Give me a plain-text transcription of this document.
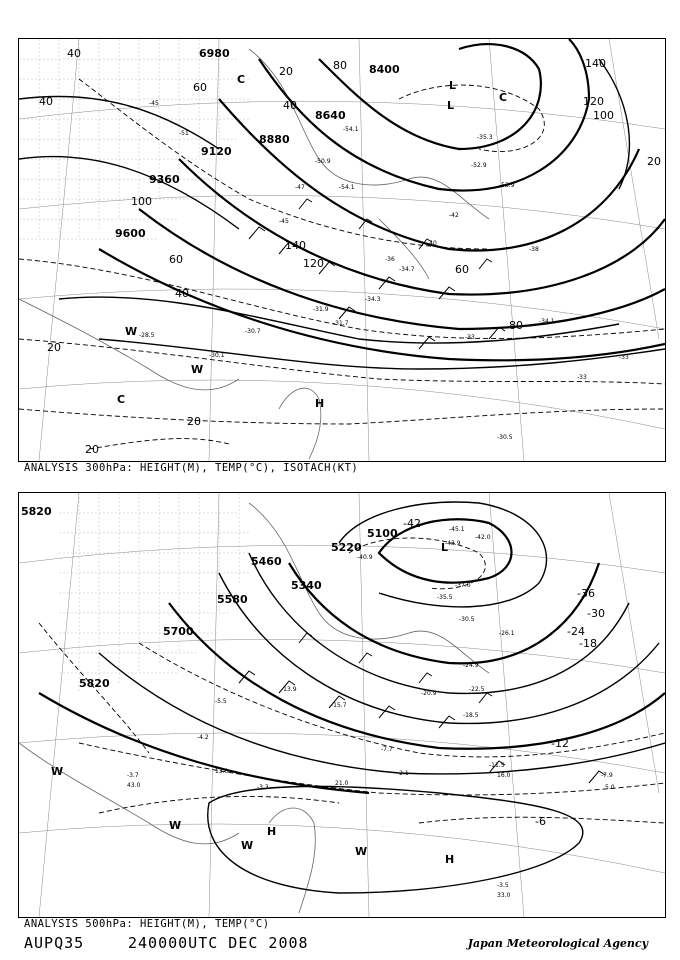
8400
8640
8880
9120
9360
9600
6980
40
40
60
60
80
80
100
100
120
120
140
140
20
20
20
20
40
40
60
20
-45
-51
-54.1
-54.1	-53.9
-52.9
-50.9
-47
-45
-42
-40
-38
-36
-34.7
-34.3
-33
-31.9
-31.7
-30.7
-30.1
-28.5
-30.5
-33
-33
-34.1
-35.3
L
L
H
C
C
C
W
W
ANALYSIS 300hPa: HEIGHT(M), TEMP(°C), ISOTACH(KT)
5100
5220
5340
5460
5580
5700
5820
5820
-42
-36
-30
-24
-18
-12
-6
-45.1
-43.9
-42.0
-40.9
-37.0
-35.5
-30.5
-26.1
-24.9
-22.5
-20.9
-18.5
-15.7
-13.9
-11.5
-7.9
-7.7
-5.5
-4.2
-3.7
-3.5
-3.3
-2.1
5.0
13.0
16.0
21.0
33.0
43.0
L
H
H
W
W	W
W
ANALYSIS 500hPa: HEIGHT(M), TEMP(°C)
AUPQ35	240000UTC DEC 2008	Japan Meteorological Agency
